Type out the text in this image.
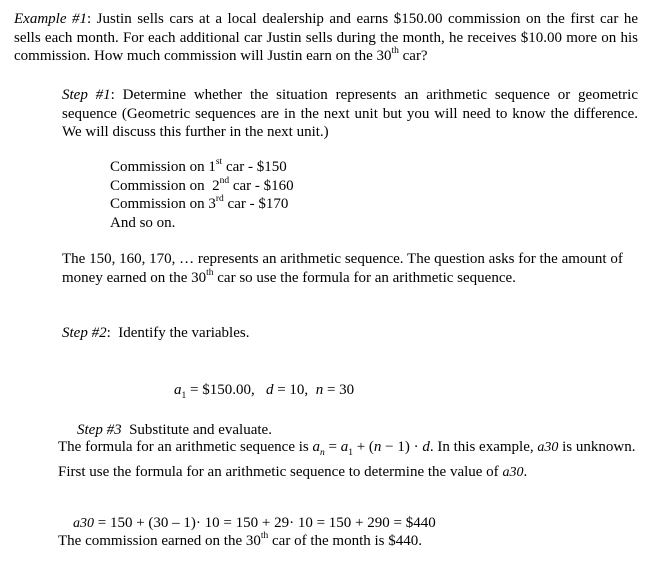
Example #1: Justin sells cars at a local dealership and earns $150.00 commission on the first car he sells each month. For each additional car Justin sells during the month, he receives $10.00 more on his commission. How much commission will Justin earn on the 30th car?
Step #1: Determine whether the situation represents an arithmetic sequence or geometric sequence (Geometric sequences are in the next unit but you will need to know the difference. We will discuss this further in the next unit.)
Commission on 1st car - $150
Commission on  2nd car - $160
Commission on 3rd car - $170
And so on.
The 150, 160, 170, … represents an arithmetic sequence. The question asks for the amount of money earned on the 30th car so use the formula for an arithmetic sequence.
Step #2:  Identify the variables.

$a_1$ = $150.00,   d = 10,  n = 30

Step #3  Substitute and evaluate.

The formula for an arithmetic sequence is $a_n = a_1 + (n - 1) \cdot d$. In this example, a30 is unknown. First use the formula for an arithmetic sequence to determine the value of a30.

a30 = 150 + (30 – 1)· 10 = 150 + 29· 10 = 150 + 290 = $440

The commission earned on the 30th car of the month is $440.
